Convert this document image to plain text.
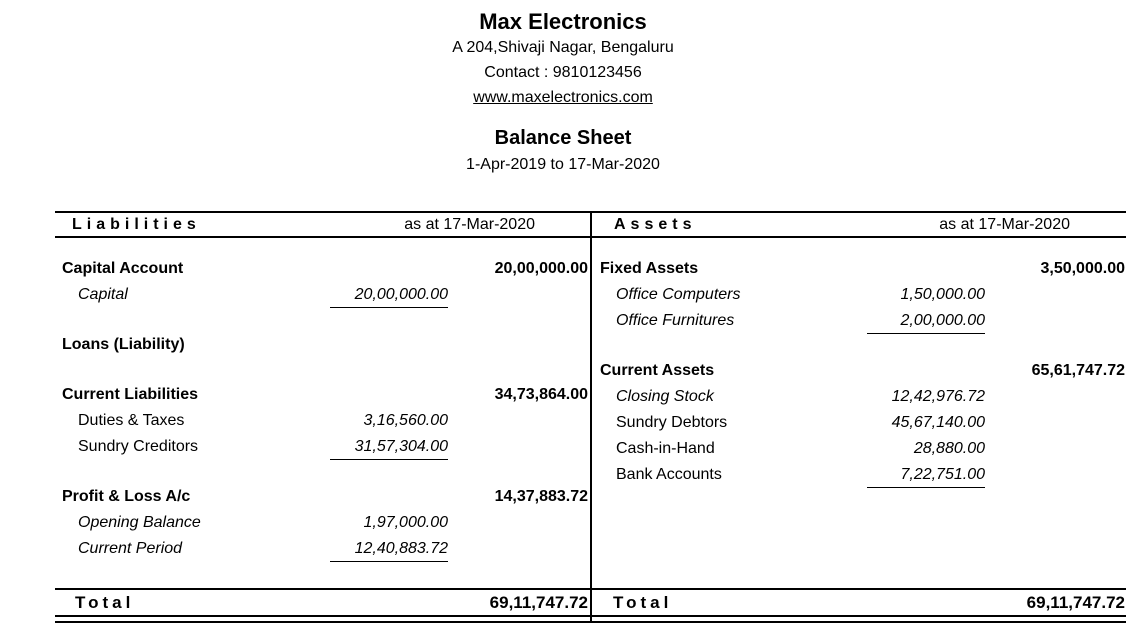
Max Electronics
A 204,Shivaji Nagar, Bengaluru
Contact : 9810123456
www.maxelectronics.com
Balance Sheet
1-Apr-2019 to 17-Mar-2020
Liabilities	as at 17-Mar-2020	Assets	as at 17-Mar-2020
Capital Account	20,00,000.00
Capital	20,00,000.00
Loans (Liability)
Current Liabilities	34,73,864.00
Duties & Taxes	3,16,560.00
Sundry Creditors	31,57,304.00
Profit & Loss A/c	14,37,883.72
Opening Balance	1,97,000.00
Current Period	12,40,883.72
Fixed Assets	3,50,000.00
Office Computers	1,50,000.00
Office Furnitures	2,00,000.00
Current Assets	65,61,747.72
Closing Stock	12,42,976.72
Sundry Debtors	45,67,140.00
Cash-in-Hand	28,880.00
Bank Accounts	7,22,751.00
Total	69,11,747.72	Total	69,11,747.72
